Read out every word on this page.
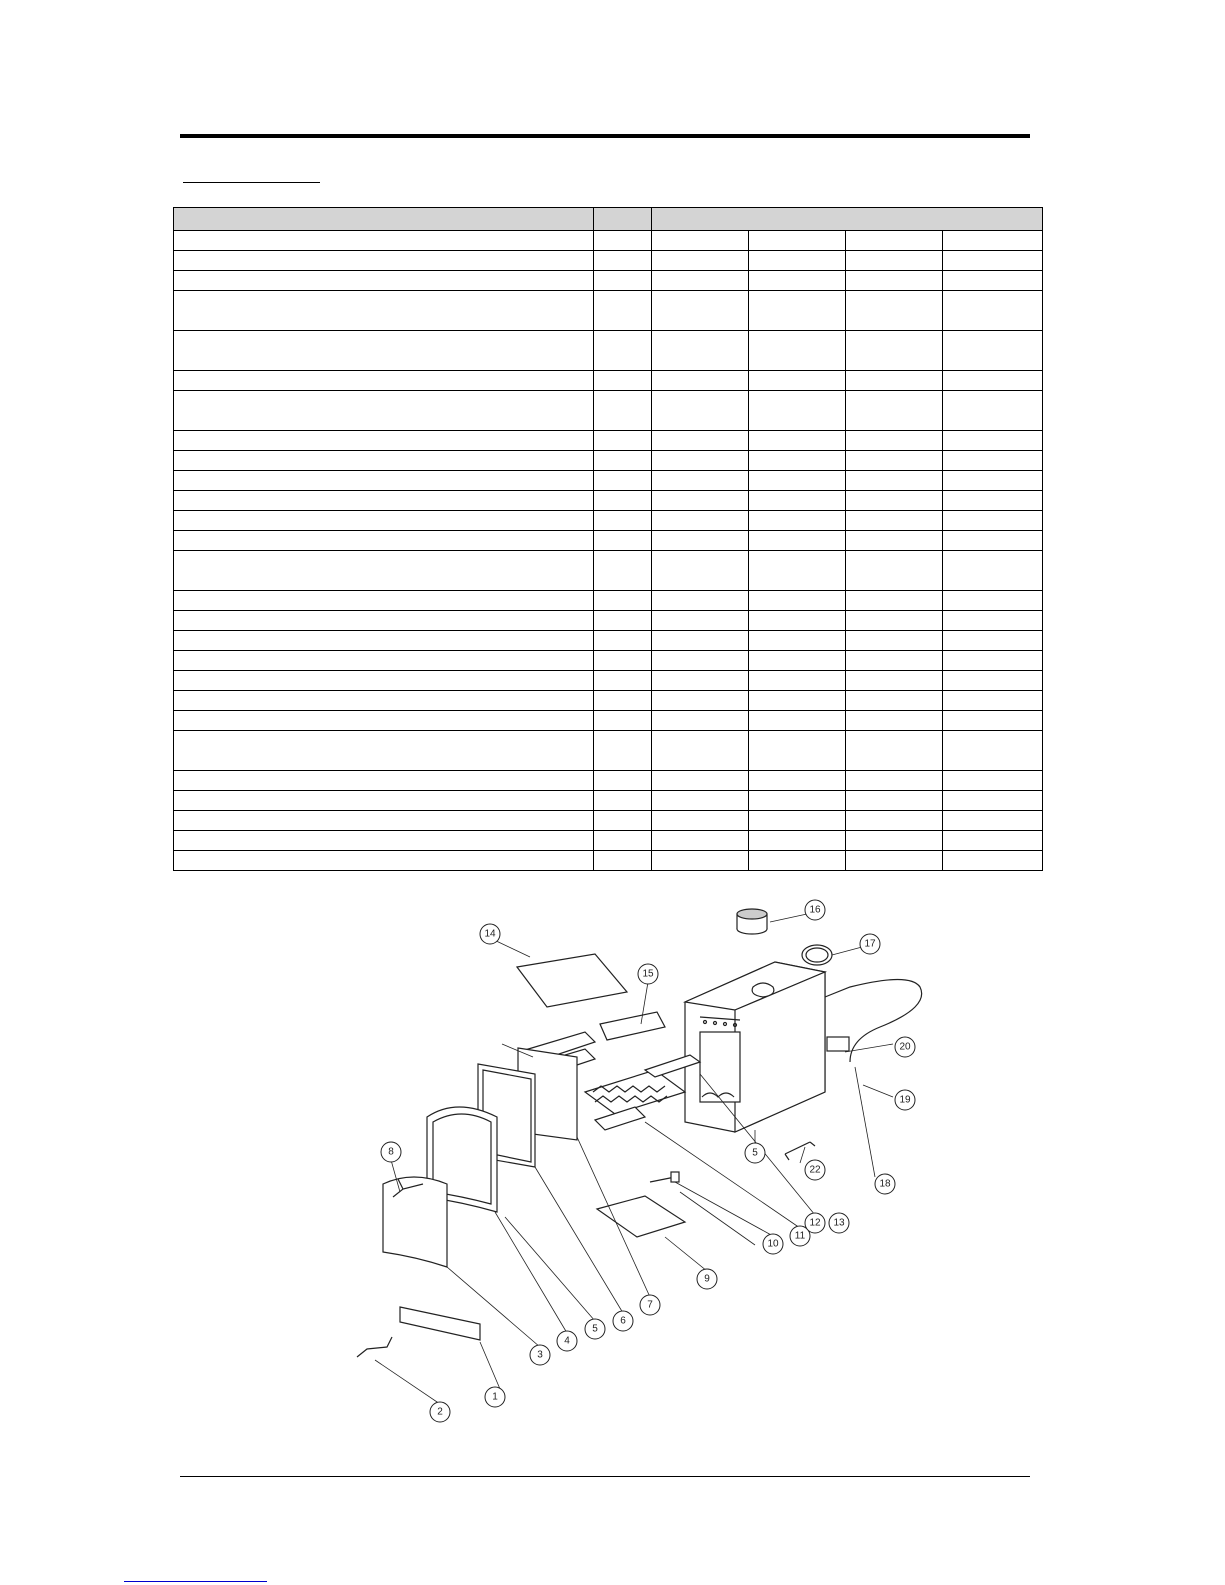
1
2
3
4
5
5
6
7
8
9
10
11
12 13
14
15
16
17
18
19
20
22
